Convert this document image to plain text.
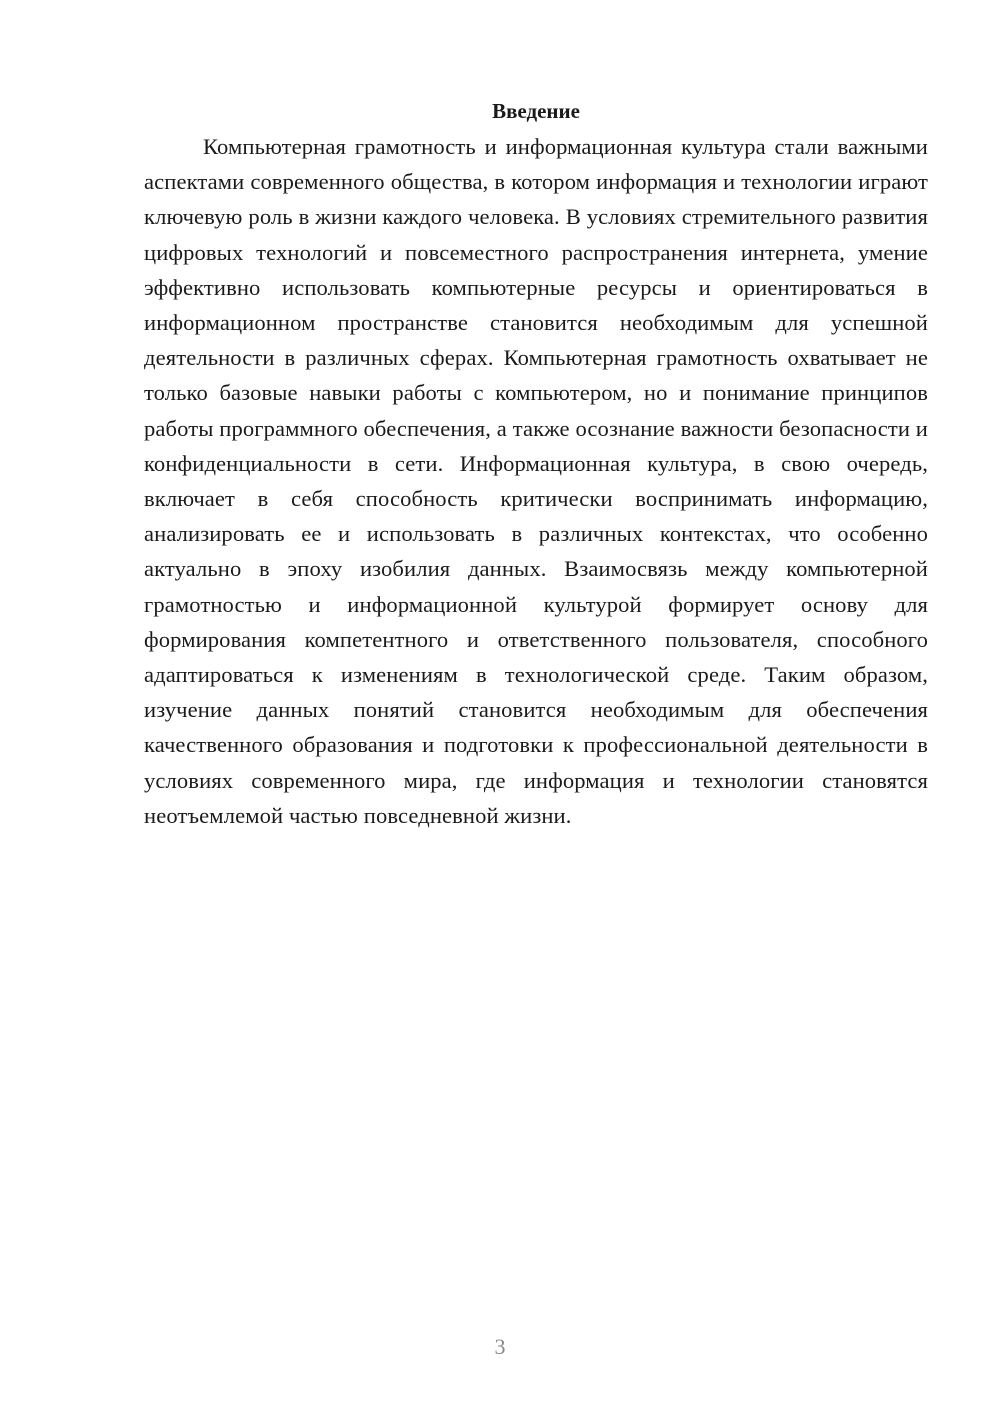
Введение

Компьютерная грамотность и информационная культура стали важными аспектами современного общества, в котором информация и технологии играют ключевую роль в жизни каждого человека. В условиях стремительного развития цифровых технологий и повсеместного распространения интернета, умение эффективно использовать компьютерные ресурсы и ориентироваться в информационном пространстве становится необходимым для успешной деятельности в различных сферах. Компьютерная грамотность охватывает не только базовые навыки работы с компьютером, но и понимание принципов работы программного обеспечения, а также осознание важности безопасности и конфиденциальности в сети. Информационная культура, в свою очередь, включает в себя способность критически воспринимать информацию, анализировать ее и использовать в различных контекстах, что особенно актуально в эпоху изобилия данных. Взаимосвязь между компьютерной грамотностью и информационной культурой формирует основу для формирования компетентного и ответственного пользователя, способного адаптироваться к изменениям в технологической среде. Таким образом, изучение данных понятий становится необходимым для обеспечения качественного образования и подготовки к профессиональной деятельности в условиях современного мира, где информация и технологии становятся неотъемлемой частью повседневной жизни.

3
